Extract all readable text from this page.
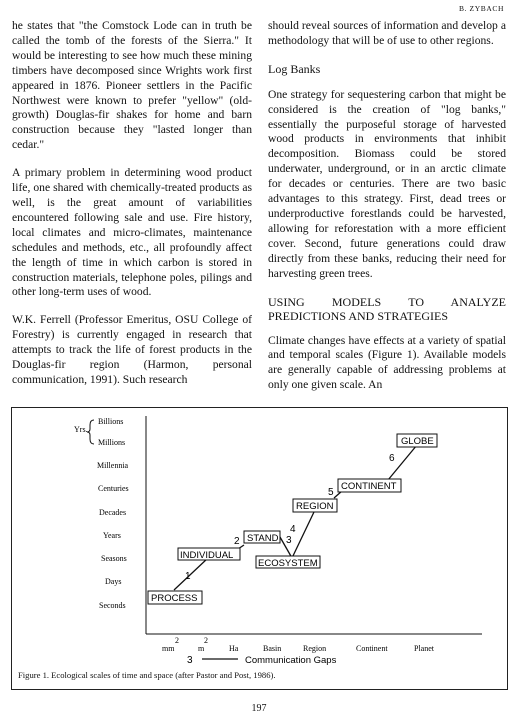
B. ZYBACH

he states that "the Comstock Lode can in truth be called the tomb of the forests of the Sierra." It would be interesting to see how much these mining timbers have decomposed since Wrights work first appeared in 1876. Pioneer settlers in the Pacific Northwest were known to prefer "yellow" (old-growth) Douglas-fir shakes for home and barn construction because they "lasted longer than cedar."

A primary problem in determining wood product life, one shared with chemically-treated products as well, is the great amount of variabilities encountered following sale and use. Fire history, local climates and micro-climates, maintenance schedules and methods, etc., all profoundly affect the length of time in which carbon is stored in construction materials, telephone poles, pilings and other long-term uses of wood.

W.K. Ferrell (Professor Emeritus, OSU College of Forestry) is currently engaged in research that attempts to track the life of forest products in the Douglas-fir region (Harmon, personal communication, 1991). Such research

should reveal sources of information and develop a methodology that will be of use to other regions.

Log Banks

One strategy for sequestering carbon that might be considered is the creation of "log banks," essentially the purposeful storage of harvested wood products in environments that inhibit decomposition. Biomass could be stored underwater, underground, or in an arctic climate for decades or centuries. There are two basic advantages to this strategy. First, dead trees or underproductive forestlands could be harvested, allowing for reforestation with a more efficient cover. Second, future generations could draw directly from these banks, reducing their need for harvesting green trees.

USING MODELS TO ANALYZE PREDICTIONS AND STRATEGIES

Climate changes have effects at a variety of spatial and temporal scales (Figure 1). Available models are generally capable of addressing problems at only one given scale. An

Yrs.
Billions
Millions
Millennia
Centuries
Decades
Years
Seasons
Days
Seconds
mm
2
m
2
Ha	Basin	Region	Continent	Planet
PROCESS
INDIVIDUAL
STAND
ECOSYSTEM
REGION
CONTINENT
GLOBE
1
2	3
4
5
6
3	Communication Gaps
Figure 1. Ecological scales of time and space (after Pastor and Post, 1986).
197
